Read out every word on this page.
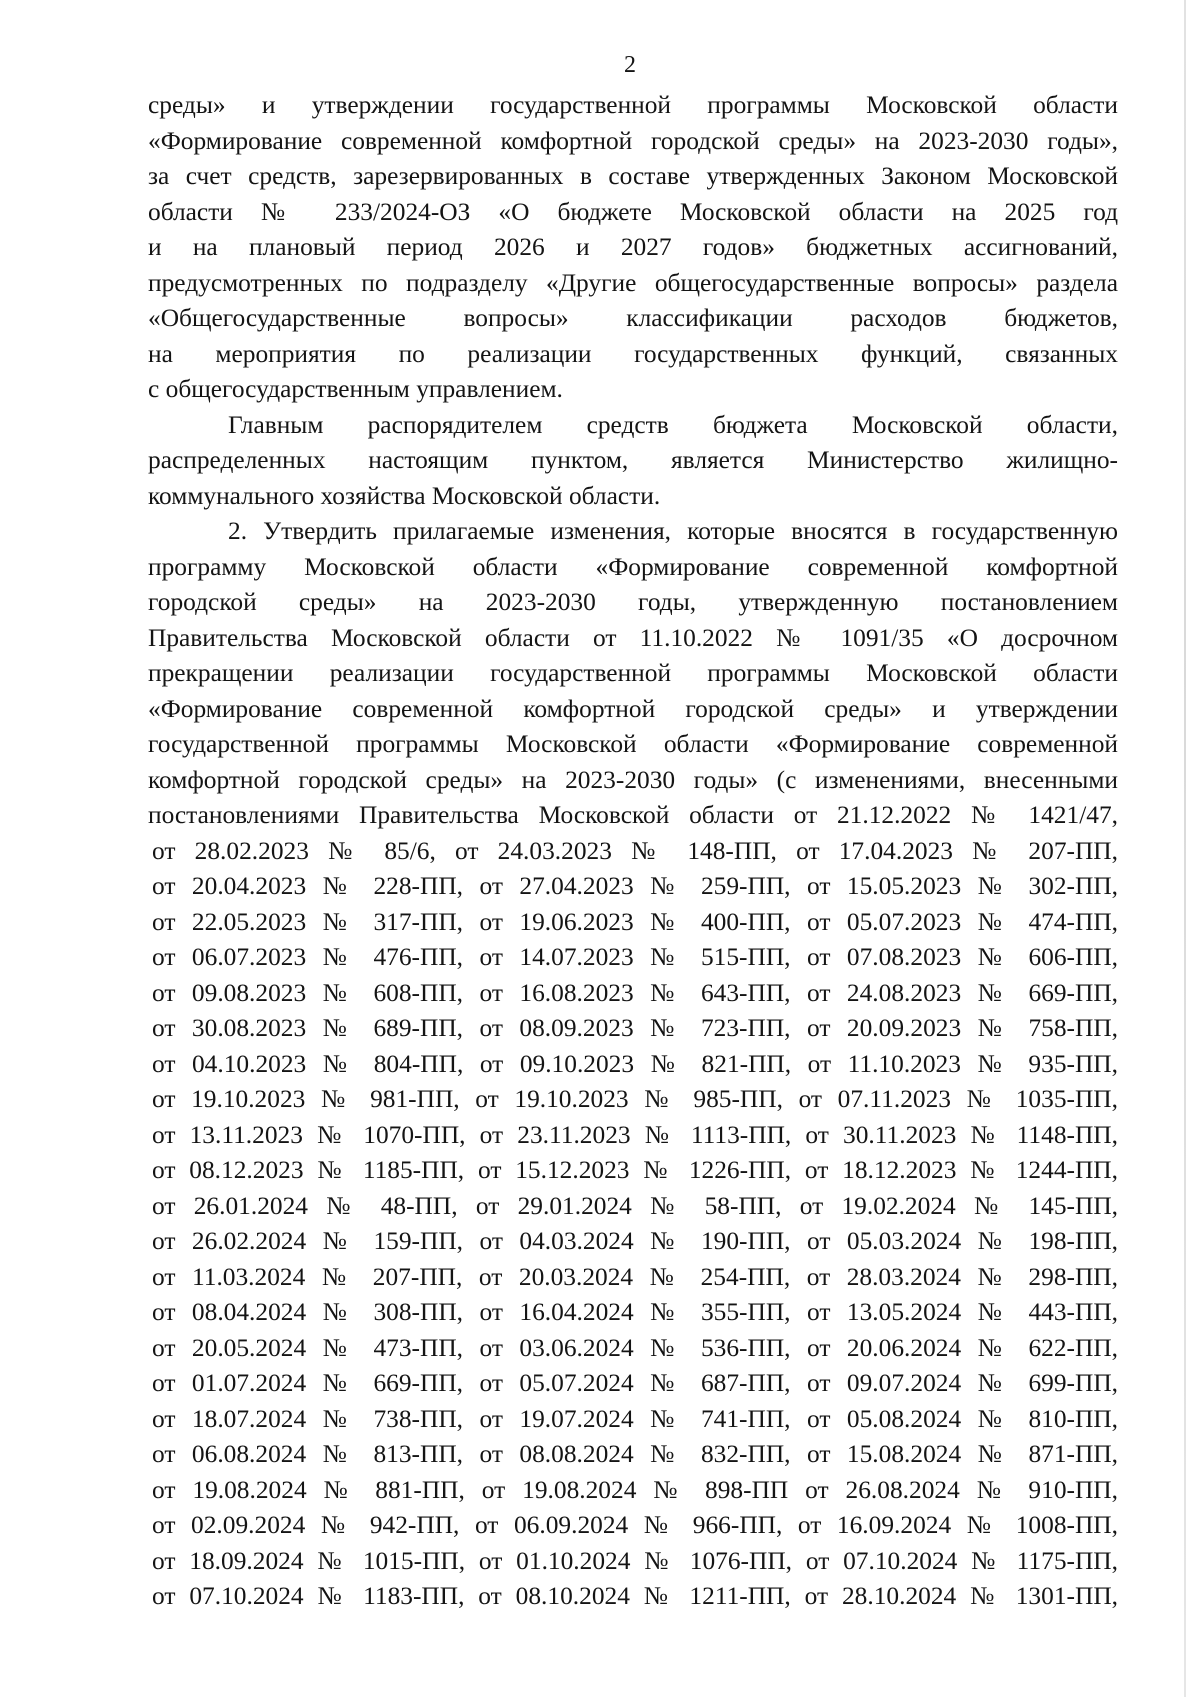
2
среды» и утверждении государственной программы Московской области
«Формирование современной комфортной городской среды» на 2023-2030 годы»,
за счет средств, зарезервированных в составе утвержденных Законом Московской
области № 233/2024-ОЗ «О бюджете Московской области на 2025 год
и на плановый период 2026 и 2027 годов» бюджетных ассигнований,
предусмотренных по подразделу «Другие общегосударственные вопросы» раздела
«Общегосударственные вопросы» классификации расходов бюджетов,
на мероприятия по реализации государственных функций, связанных
с общегосударственным управлением.
Главным распорядителем средств бюджета Московской области,
распределенных настоящим пунктом, является Министерство жилищно-
коммунального хозяйства Московской области.
2. Утвердить прилагаемые изменения, которые вносятся в государственную
программу Московской области «Формирование современной комфортной
городской среды» на 2023-2030 годы, утвержденную постановлением
Правительства Московской области от 11.10.2022 № 1091/35 «О досрочном
прекращении реализации государственной программы Московской области
«Формирование современной комфортной городской среды» и утверждении
государственной программы Московской области «Формирование современной
комфортной городской среды» на 2023-2030 годы» (с изменениями, внесенными
постановлениями Правительства Московской области от 21.12.2022 № 1421/47,
от 28.02.2023 № 85/6, от 24.03.2023 № 148-ПП, от 17.04.2023 № 207-ПП,
от 20.04.2023 № 228-ПП, от 27.04.2023 № 259-ПП, от 15.05.2023 № 302-ПП,
от 22.05.2023 № 317-ПП, от 19.06.2023 № 400-ПП, от 05.07.2023 № 474-ПП,
от 06.07.2023 № 476-ПП, от 14.07.2023 № 515-ПП, от 07.08.2023 № 606-ПП,
от 09.08.2023 № 608-ПП, от 16.08.2023 № 643-ПП, от 24.08.2023 № 669-ПП,
от 30.08.2023 № 689-ПП, от 08.09.2023 № 723-ПП, от 20.09.2023 № 758-ПП,
от 04.10.2023 № 804-ПП, от 09.10.2023 № 821-ПП, от 11.10.2023 № 935-ПП,
от 19.10.2023 № 981-ПП, от 19.10.2023 № 985-ПП, от 07.11.2023 № 1035-ПП,
от 13.11.2023 № 1070-ПП, от 23.11.2023 № 1113-ПП, от 30.11.2023 № 1148-ПП,
от 08.12.2023 № 1185-ПП, от 15.12.2023 № 1226-ПП, от 18.12.2023 № 1244-ПП,
от 26.01.2024 № 48-ПП, от 29.01.2024 № 58-ПП, от 19.02.2024 № 145-ПП,
от 26.02.2024 № 159-ПП, от 04.03.2024 № 190-ПП, от 05.03.2024 № 198-ПП,
от 11.03.2024 № 207-ПП, от 20.03.2024 № 254-ПП, от 28.03.2024 № 298-ПП,
от 08.04.2024 № 308-ПП, от 16.04.2024 № 355-ПП, от 13.05.2024 № 443-ПП,
от 20.05.2024 № 473-ПП, от 03.06.2024 № 536-ПП, от 20.06.2024 № 622-ПП,
от 01.07.2024 № 669-ПП, от 05.07.2024 № 687-ПП, от 09.07.2024 № 699-ПП,
от 18.07.2024 № 738-ПП, от 19.07.2024 № 741-ПП, от 05.08.2024 № 810-ПП,
от 06.08.2024 № 813-ПП, от 08.08.2024 № 832-ПП, от 15.08.2024 № 871-ПП,
от 19.08.2024 № 881-ПП, от 19.08.2024 № 898-ПП от 26.08.2024 № 910-ПП,
от 02.09.2024 № 942-ПП, от 06.09.2024 № 966-ПП, от 16.09.2024 № 1008-ПП,
от 18.09.2024 № 1015-ПП, от 01.10.2024 № 1076-ПП, от 07.10.2024 № 1175-ПП,
от 07.10.2024 № 1183-ПП, от 08.10.2024 № 1211-ПП, от 28.10.2024 № 1301-ПП,
